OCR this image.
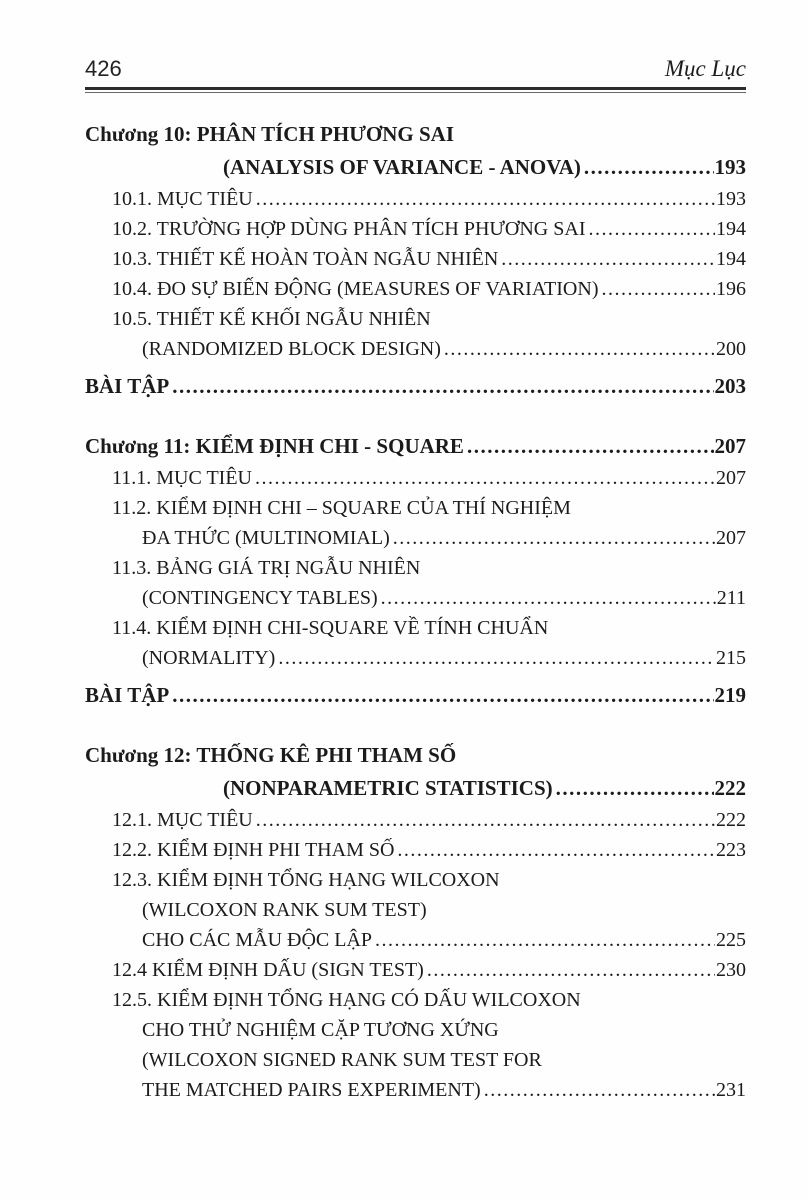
426	Mục Lục
Chương 10: PHÂN TÍCH PHƯƠNG SAI
(ANALYSIS OF VARIANCE - ANOVA) .....	193
10.1. MỤC TIÊU .....	193
10.2. TRƯỜNG HỢP DÙNG PHÂN TÍCH PHƯƠNG SAI .....	194
10.3. THIẾT KẾ HOÀN TOÀN NGẪU NHIÊN .....	194
10.4. ĐO SỰ BIẾN ĐỘNG (MEASURES OF VARIATION) .....	196
10.5. THIẾT KẾ KHỐI NGẪU NHIÊN
(RANDOMIZED BLOCK DESIGN) .....	200
BÀI TẬP .....	203
Chương 11: KIỂM ĐỊNH CHI - SQUARE .....	207
11.1. MỤC TIÊU .....	207
11.2. KIỂM ĐỊNH CHI – SQUARE CỦA THÍ NGHIỆM
ĐA THỨC (MULTINOMIAL) .....	207
11.3. BẢNG GIÁ TRỊ NGẪU NHIÊN
(CONTINGENCY TABLES) .....	211
11.4. KIỂM ĐỊNH CHI-SQUARE VỀ TÍNH CHUẨN
(NORMALITY) .....	215
BÀI TẬP .....	219
Chương 12: THỐNG KÊ PHI THAM SỐ
(NONPARAMETRIC STATISTICS) .....	222
12.1. MỤC TIÊU .....	222
12.2. KIỂM ĐỊNH PHI THAM SỐ .....	223
12.3. KIỂM ĐỊNH TỔNG HẠNG WILCOXON
(WILCOXON RANK SUM TEST)
CHO CÁC MẪU ĐỘC LẬP .....	225
12.4 KIỂM ĐỊNH DẤU (SIGN TEST) .....	230
12.5. KIỂM ĐỊNH TỔNG HẠNG CÓ DẤU WILCOXON
CHO THỬ NGHIỆM CẶP TƯƠNG XỨNG
(WILCOXON SIGNED RANK SUM TEST FOR
THE MATCHED PAIRS EXPERIMENT) .....	231
